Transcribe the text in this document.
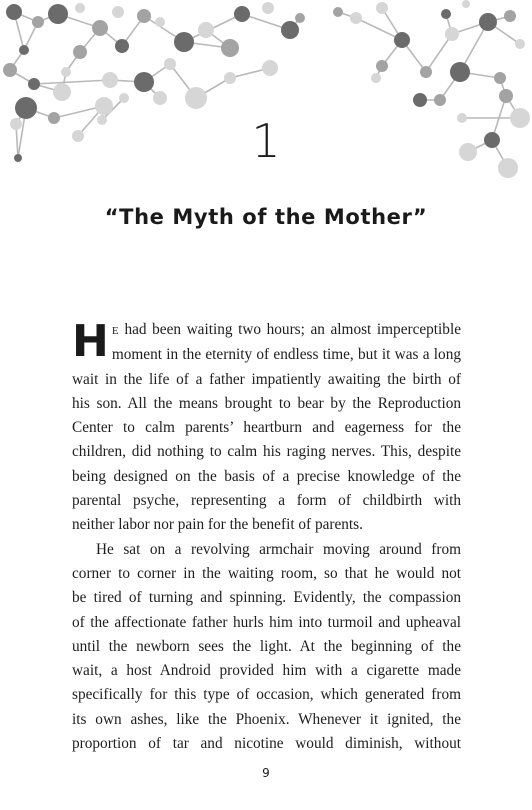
1
“The Myth of the Mother”

H E had been waiting two hours; an almost imperceptible
moment in the eternity of endless time, but it was a long
wait in the life of a father impatiently awaiting the birth of
his son. All the means brought to bear by the Reproduction
Center to calm parents’ heartburn and eagerness for the
children, did nothing to calm his raging nerves. This, despite
being designed on the basis of a precise knowledge of the
parental psyche, representing a form of childbirth with
neither labor nor pain for the benefit of parents.

He sat on a revolving armchair moving around from
corner to corner in the waiting room, so that he would not
be tired of turning and spinning. Evidently, the compassion
of the affectionate father hurls him into turmoil and upheaval
until the newborn sees the light. At the beginning of the
wait, a host Android provided him with a cigarette made
specifically for this type of occasion, which generated from
its own ashes, like the Phoenix. Whenever it ignited, the
proportion of tar and nicotine would diminish, without

9
